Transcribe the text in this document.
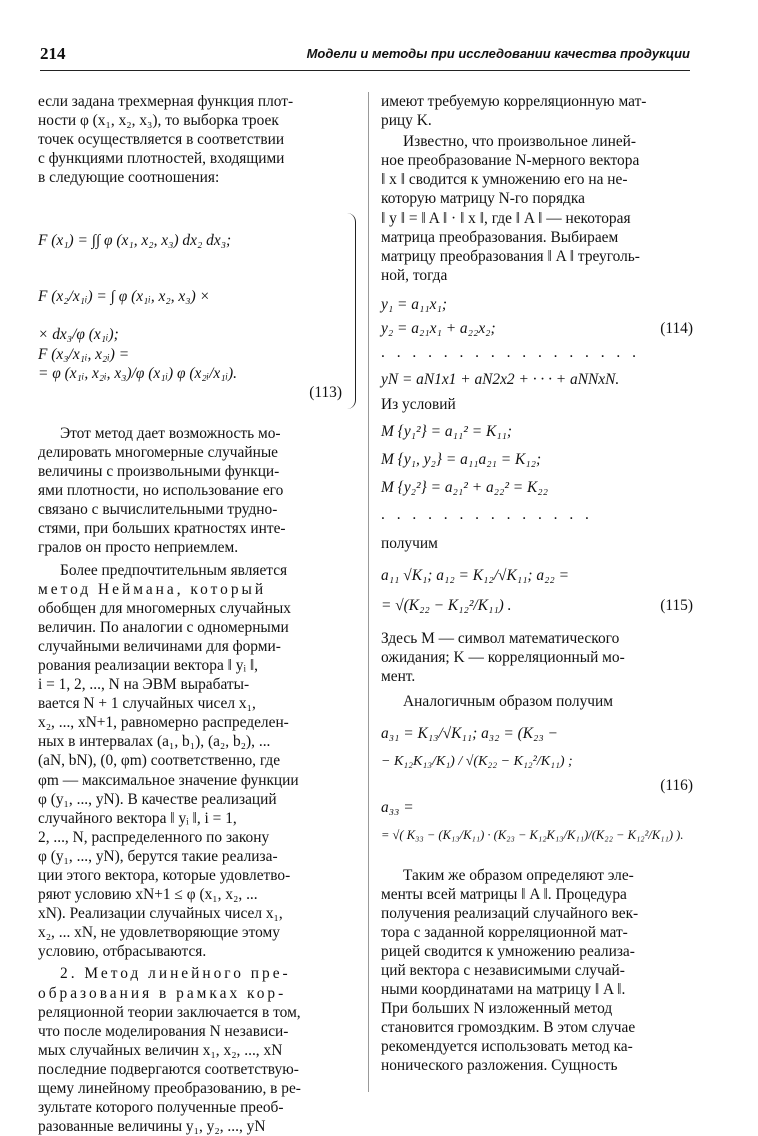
214	Модели и методы при исследовании качества продукции
если задана трехмерная функция плот-
ности φ (x₁, x₂, x₃), то выборка троек
точек осуществляется в соответствии
с функциями плотностей, входящими
в следующие соотношения:
F (x₁) = ∫∫ φ (x₁, x₂, x₃) dx₂ dx₃;
F (x₂/x₁ᵢ) = ∫ φ (x₁ᵢ, x₂, x₃) ×
× dx₃/φ (x₁ᵢ);
F (x₃/x₁ᵢ, x₂ᵢ) =
= φ (x₁ᵢ, x₂ᵢ, x₃)/φ (x₁ᵢ) φ (x₂ᵢ/x₁ᵢ).
(113)
Этот метод дает возможность мо-
делировать многомерные случайные
величины с произвольными функци-
ями плотности, но использование его
связано с вычислительными трудно-
стями, при больших кратностях инте-
гралов он просто неприемлем.
Более предпочтительным является
метод Неймана, который
обобщен для многомерных случайных
величин. По аналогии с одномерными
случайными величинами для форми-
рования реализации вектора ‖ yᵢ ‖,
i = 1, 2, ..., N на ЭВМ вырабаты-
вается N + 1 случайных чисел x₁,
x₂, ..., xN+1, равномерно распределен-
ных в интервалах (a₁, b₁), (a₂, b₂), ...
(aN, bN), (0, φm) соответственно, где
φm — максимальное значение функции
φ (y₁, ..., yN). В качестве реализаций
случайного вектора ‖ yᵢ ‖, i = 1,
2, ..., N, распределенного по закону
φ (y₁, ..., yN), берутся такие реализа-
ции этого вектора, которые удовлетво-
ряют условию xN+1 ≤ φ (x₁, x₂, ...
xN). Реализации случайных чисел x₁,
x₂, ... xN, не удовлетворяющие этому
условию, отбрасываются.
2. Метод линейного пре-
образования в рамках кор-
реляционной теории заключается в том,
что после моделирования N независи-
мых случайных величин x₁, x₂, ..., xN
последние подвергаются соответствую-
щему линейному преобразованию, в ре-
зультате которого полученные преоб-
разованные величины y₁, y₂, ..., yN
имеют требуемую корреляционную мат-
рицу K.
Известно, что произвольное линей-
ное преобразование N-мерного вектора
‖ x ‖ сводится к умножению его на не-
которую матрицу N-го порядка
‖ y ‖ = ‖ A ‖ · ‖ x ‖, где ‖ A ‖ — некоторая
матрица преобразования. Выбираем
матрицу преобразования ‖ A ‖ треуголь-
ной, тогда
y₁ = a₁₁x₁;
y₂ = a₂₁x₁ + a₂₂x₂;	(114)
. . . . . . . . . . . . . . . . .
yN = aN1x1 + aN2x2 + · · · + aNNxN.
Из условий
M {y₁²} = a₁₁² = K₁₁;
M {y₁, y₂} = a₁₁a₂₁ = K₁₂;
M {y₂²} = a₂₁² + a₂₂² = K₂₂
. . . . . . . . . . . . . .
получим
a₁₁ √K₁; a₁₂ = K₁₂/√K₁₁; a₂₂ =
= √(K₂₂ − K₁₂²/K₁₁) .	(115)
Здесь M — символ математического
ожидания; K — корреляционный мо-
мент.
Аналогичным образом получим
a₃₁ = K₁₃/√K₁₁; a₃₂ = (K₂₃ −
− K₁₂K₁₃/K₁) / √(K₂₂ − K₁₂²/K₁₁) ;
(116)
a₃₃ =
= √( K₃₃ − (K₁₃/K₁₁) · (K₂₃ − K₁₂K₁₃/K₁₁)/(K₂₂ − K₁₂²/K₁₁) ).
Таким же образом определяют эле-
менты всей матрицы ‖ A ‖. Процедура
получения реализаций случайного век-
тора с заданной корреляционной мат-
рицей сводится к умножению реализа-
ций вектора с независимыми случай-
ными координатами на матрицу ‖ A ‖.
При больших N изложенный метод
становится громоздким. В этом случае
рекомендуется использовать метод ка-
нонического разложения. Сущность
